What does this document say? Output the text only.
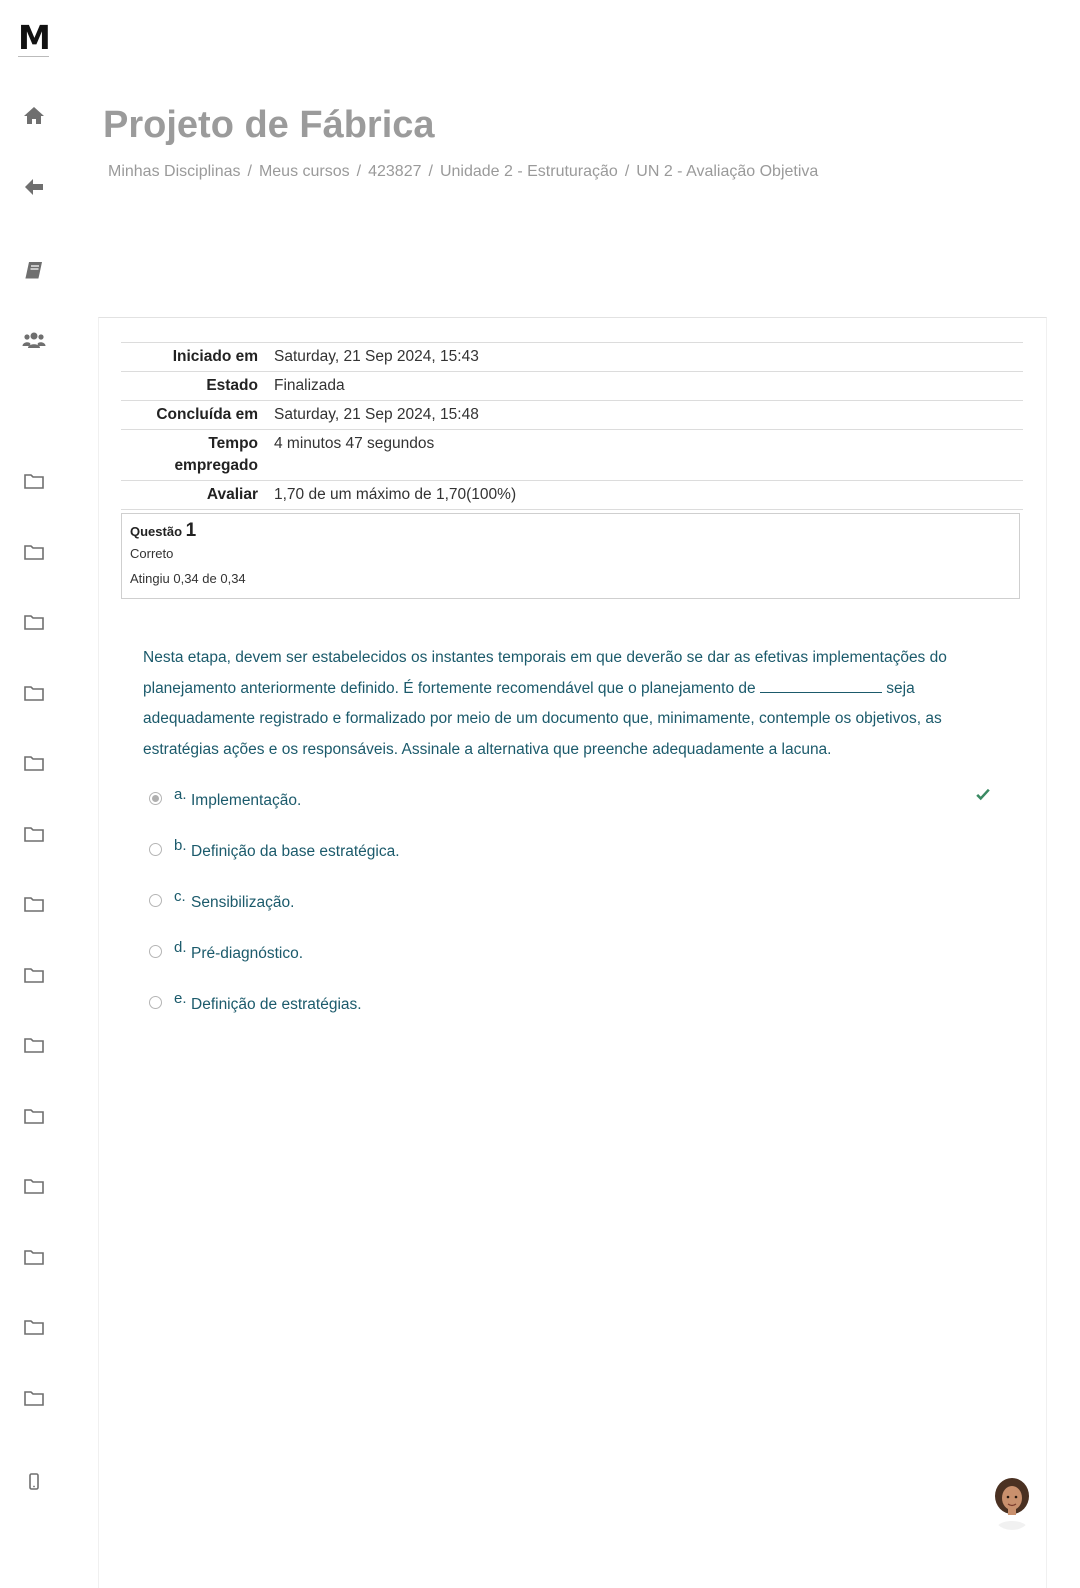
M
Projeto de Fábrica
Minhas Disciplinas / Meus cursos / 423827 / Unidade 2 - Estruturação / UN 2 - Avaliação Objetiva
Iniciado em	Saturday, 21 Sep 2024, 15:43
Estado	Finalizada
Concluída em	Saturday, 21 Sep 2024, 15:48
Tempo empregado	4 minutos 47 segundos
Avaliar	1,70 de um máximo de 1,70(100%)
Questão 1
Correto
Atingiu 0,34 de 0,34

Nesta etapa, devem ser estabelecidos os instantes temporais em que deverão se dar as efetivas implementações do planejamento anteriormente definido. É fortemente recomendável que o planejamento de	seja adequadamente registrado e formalizado por meio de um documento que, minimamente, contemple os objetivos, as estratégias ações e os responsáveis. Assinale a alternativa que preenche adequadamente a lacuna.

a. Implementação.
b. Definição da base estratégica.
c. Sensibilização.
d. Pré-diagnóstico.
e. Definição de estratégias.
